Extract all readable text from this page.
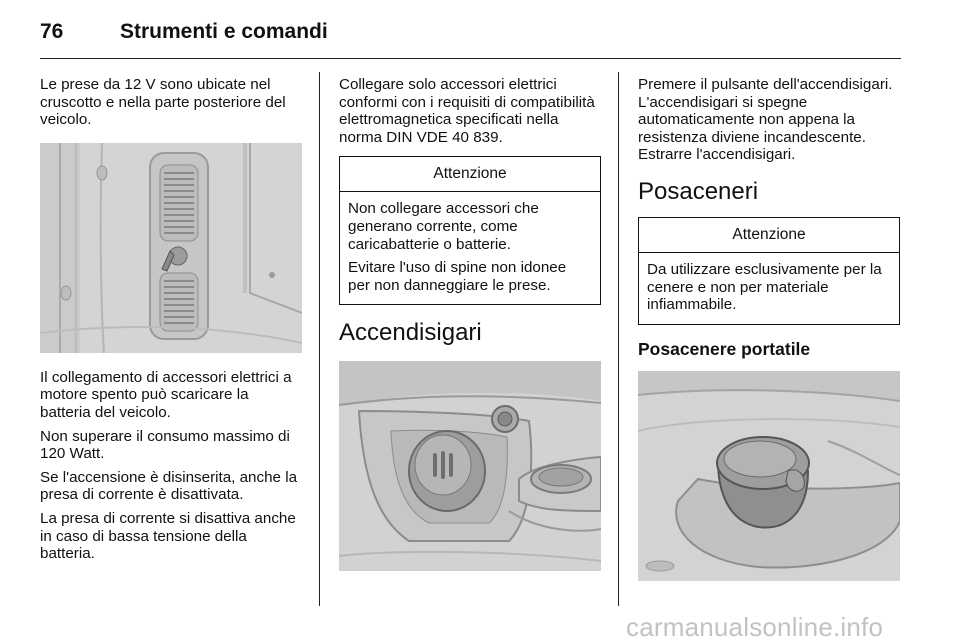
76	Strumenti e comandi

Le prese da 12 V sono ubicate nel cruscotto e nella parte posteriore del veicolo.

Il collegamento di accessori elettrici a motore spento può scaricare la batteria del veicolo.

Non superare il consumo massimo di 120 Watt.

Se l'accensione è disinserita, anche la presa di corrente è disattivata.

La presa di corrente si disattiva anche in caso di bassa tensione della batteria.

Collegare solo accessori elettrici conformi con i requisiti di compatibilità elettromagnetica specificati nella norma DIN VDE 40 839.

Attenzione

Non collegare accessori che generano corrente, come caricabatterie o batterie.

Evitare l'uso di spine non idonee per non danneggiare le prese.

Accendisigari

Premere il pulsante dell'accendisigari. L'accendisigari si spegne automaticamente non appena la resistenza diviene incandescente. Estrarre l'accendisigari.

Posaceneri
Attenzione

Da utilizzare esclusivamente per la cenere e non per materiale infiammabile.

Posacenere portatile
carmanualsonline.info
